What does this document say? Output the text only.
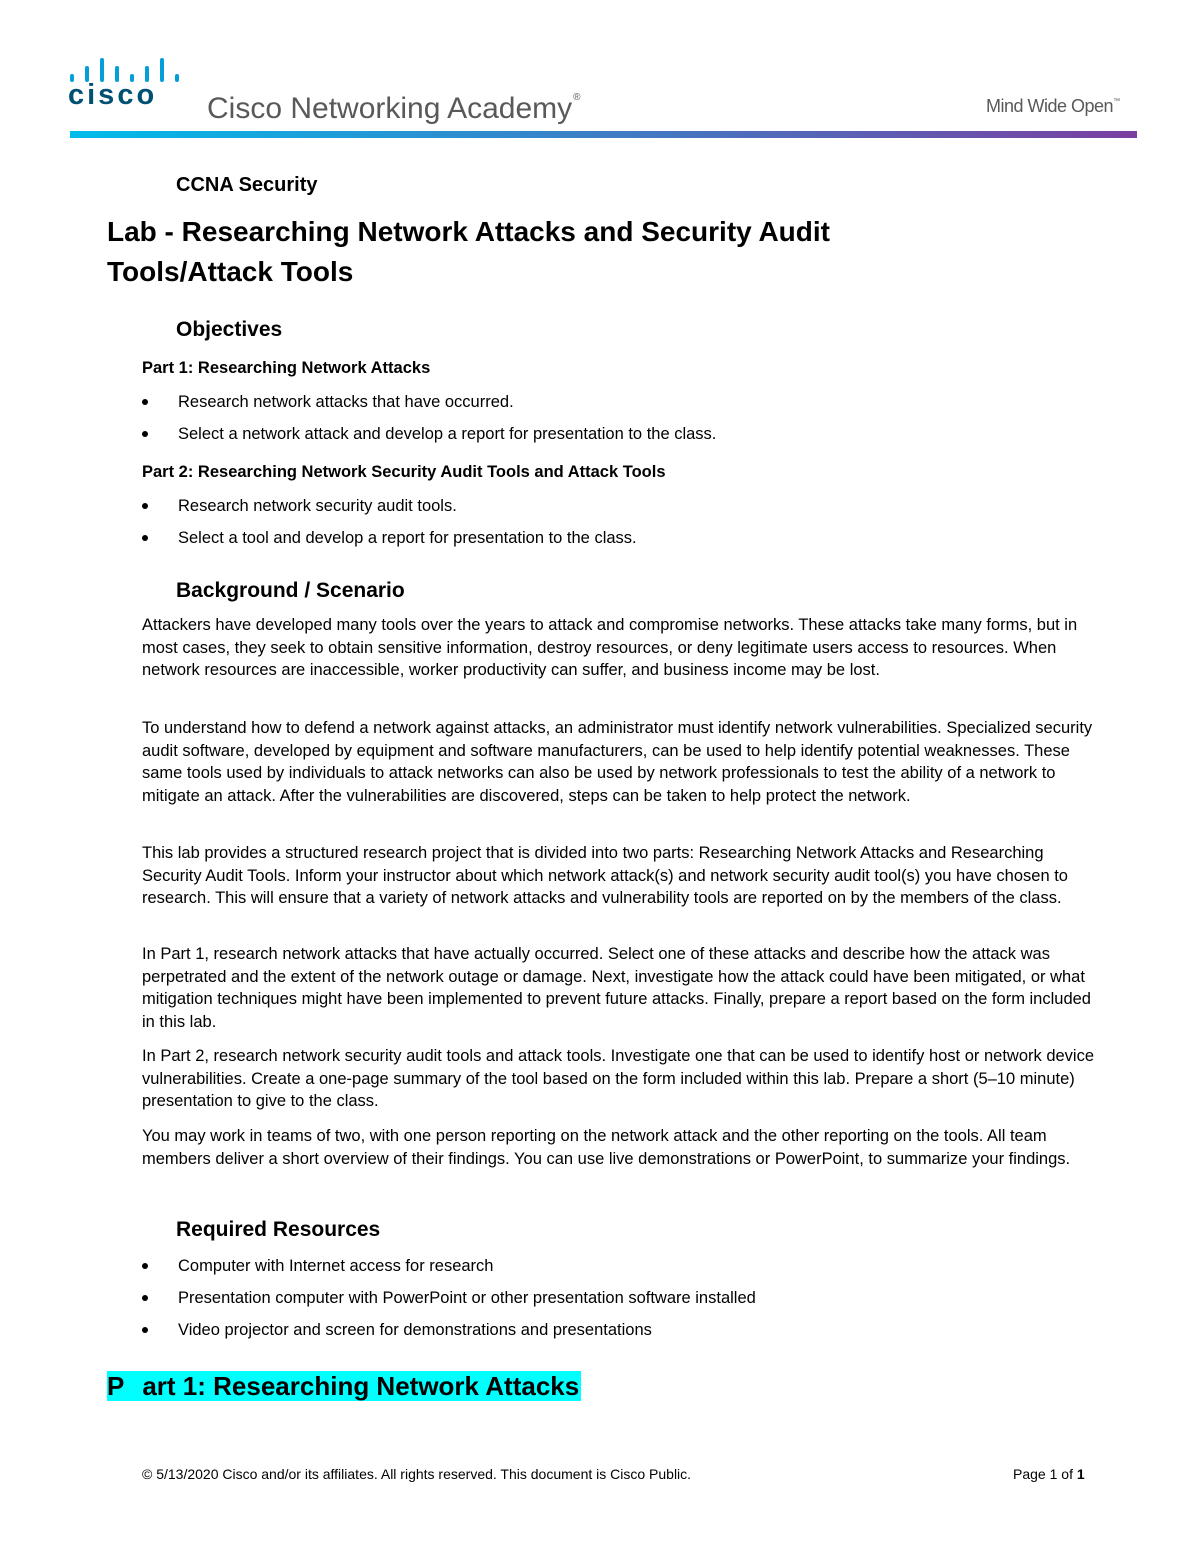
cisco Cisco Networking Academy®	Mind Wide Open™
CCNA Security
Lab - Researching Network Attacks and Security Audit
Tools/Attack Tools
Objectives
Part 1: Researching Network Attacks
Research network attacks that have occurred.
Select a network attack and develop a report for presentation to the class.
Part 2: Researching Network Security Audit Tools and Attack Tools
Research network security audit tools.
Select a tool and develop a report for presentation to the class.
Background / Scenario
Attackers have developed many tools over the years to attack and compromise networks. These attacks take many forms, but in most cases, they seek to obtain sensitive information, destroy resources, or deny legitimate users access to resources. When network resources are inaccessible, worker productivity can suffer, and business income may be lost.
To understand how to defend a network against attacks, an administrator must identify network vulnerabilities. Specialized security audit software, developed by equipment and software manufacturers, can be used to help identify potential weaknesses. These same tools used by individuals to attack networks can also be used by network professionals to test the ability of a network to mitigate an attack. After the vulnerabilities are discovered, steps can be taken to help protect the network.
This lab provides a structured research project that is divided into two parts: Researching Network Attacks and Researching Security Audit Tools. Inform your instructor about which network attack(s) and network security audit tool(s) you have chosen to research. This will ensure that a variety of network attacks and vulnerability tools are reported on by the members of the class.
In Part 1, research network attacks that have actually occurred. Select one of these attacks and describe how the attack was perpetrated and the extent of the network outage or damage. Next, investigate how the attack could have been mitigated, or what mitigation techniques might have been implemented to prevent future attacks. Finally, prepare a report based on the form included in this lab.
In Part 2, research network security audit tools and attack tools. Investigate one that can be used to identify host or network device vulnerabilities. Create a one-page summary of the tool based on the form included within this lab. Prepare a short (5–10 minute) presentation to give to the class.
You may work in teams of two, with one person reporting on the network attack and the other reporting on the tools. All team members deliver a short overview of their findings. You can use live demonstrations or PowerPoint, to summarize your findings.
Required Resources
Computer with Internet access for research
Presentation computer with PowerPoint or other presentation software installed
Video projector and screen for demonstrations and presentations
P art 1: Researching Network Attacks
© 5/13/2020 Cisco and/or its affiliates. All rights reserved. This document is Cisco Public.	Page 1 of 1
